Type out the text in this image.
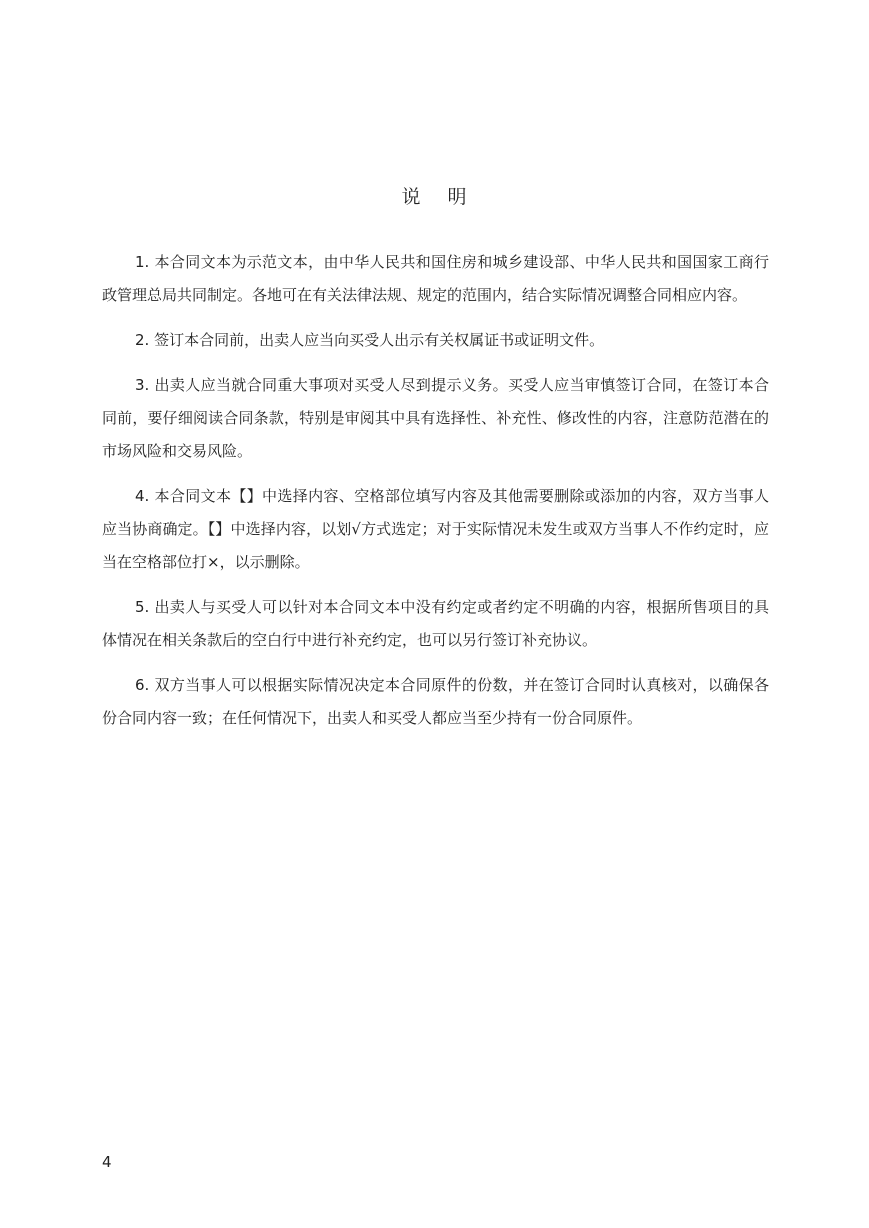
说 明

1. 本合同文本为示范文本，由中华人民共和国住房和城乡建设部、中华人民共和国国家工商行政管理总局共同制定。各地可在有关法律法规、规定的范围内，结合实际情况调整合同相应内容。

2. 签订本合同前，出卖人应当向买受人出示有关权属证书或证明文件。

3. 出卖人应当就合同重大事项对买受人尽到提示义务。买受人应当审慎签订合同，在签订本合同前，要仔细阅读合同条款，特别是审阅其中具有选择性、补充性、修改性的内容，注意防范潜在的市场风险和交易风险。

4. 本合同文本【】中选择内容、空格部位填写内容及其他需要删除或添加的内容，双方当事人应当协商确定。【】中选择内容，以划√方式选定；对于实际情况未发生或双方当事人不作约定时，应当在空格部位打×，以示删除。

5. 出卖人与买受人可以针对本合同文本中没有约定或者约定不明确的内容，根据所售项目的具体情况在相关条款后的空白行中进行补充约定，也可以另行签订补充协议。

6. 双方当事人可以根据实际情况决定本合同原件的份数，并在签订合同时认真核对，以确保各份合同内容一致；在任何情况下，出卖人和买受人都应当至少持有一份合同原件。

4
